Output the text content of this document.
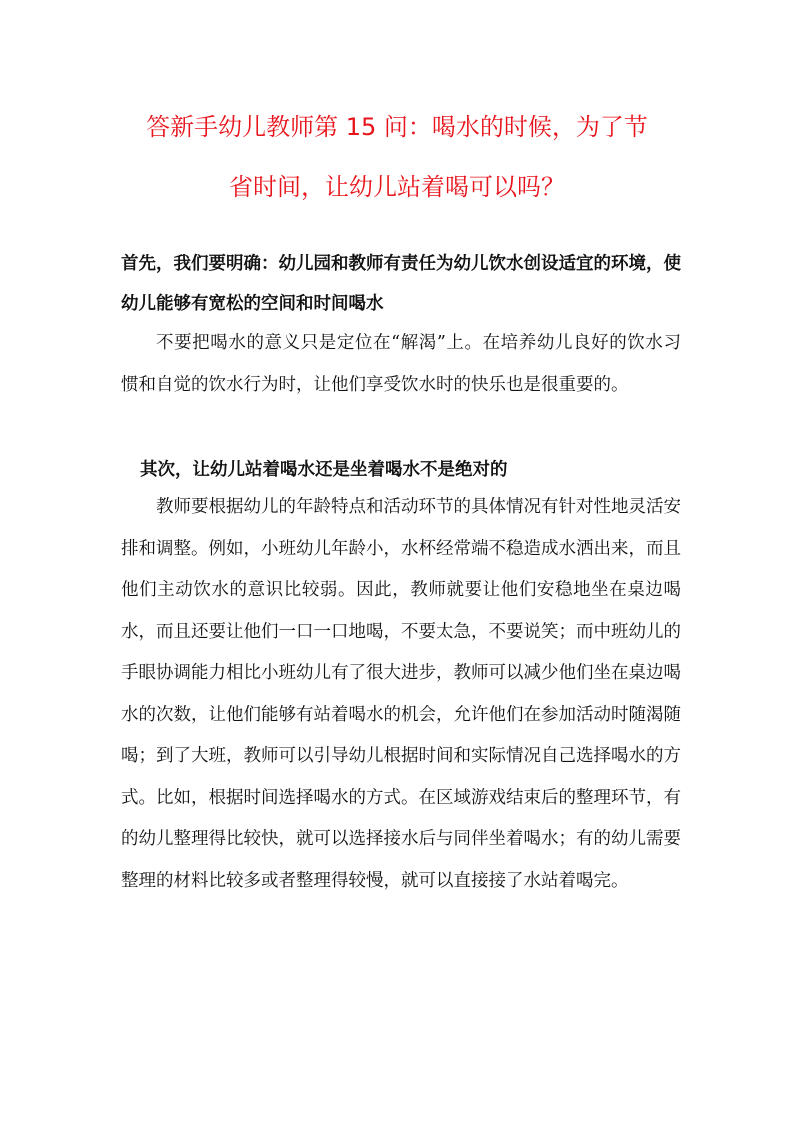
答新手幼儿教师第 15 问：喝水的时候，为了节
省时间，让幼儿站着喝可以吗？

首先，我们要明确：幼儿园和教师有责任为幼儿饮水创设适宜的环境，使幼儿能够有宽松的空间和时间喝水

不要把喝水的意义只是定位在“解渴”上。在培养幼儿良好的饮水习惯和自觉的饮水行为时，让他们享受饮水时的快乐也是很重要的。

其次，让幼儿站着喝水还是坐着喝水不是绝对的

教师要根据幼儿的年龄特点和活动环节的具体情况有针对性地灵活安排和调整。例如，小班幼儿年龄小，水杯经常端不稳造成水洒出来，而且他们主动饮水的意识比较弱。因此，教师就要让他们安稳地坐在桌边喝水，而且还要让他们一口一口地喝，不要太急，不要说笑；而中班幼儿的手眼协调能力相比小班幼儿有了很大进步，教师可以减少他们坐在桌边喝水的次数，让他们能够有站着喝水的机会，允许他们在参加活动时随渴随喝；到了大班，教师可以引导幼儿根据时间和实际情况自己选择喝水的方式。比如，根据时间选择喝水的方式。在区域游戏结束后的整理环节，有的幼儿整理得比较快，就可以选择接水后与同伴坐着喝水；有的幼儿需要整理的材料比较多或者整理得较慢，就可以直接接了水站着喝完。
